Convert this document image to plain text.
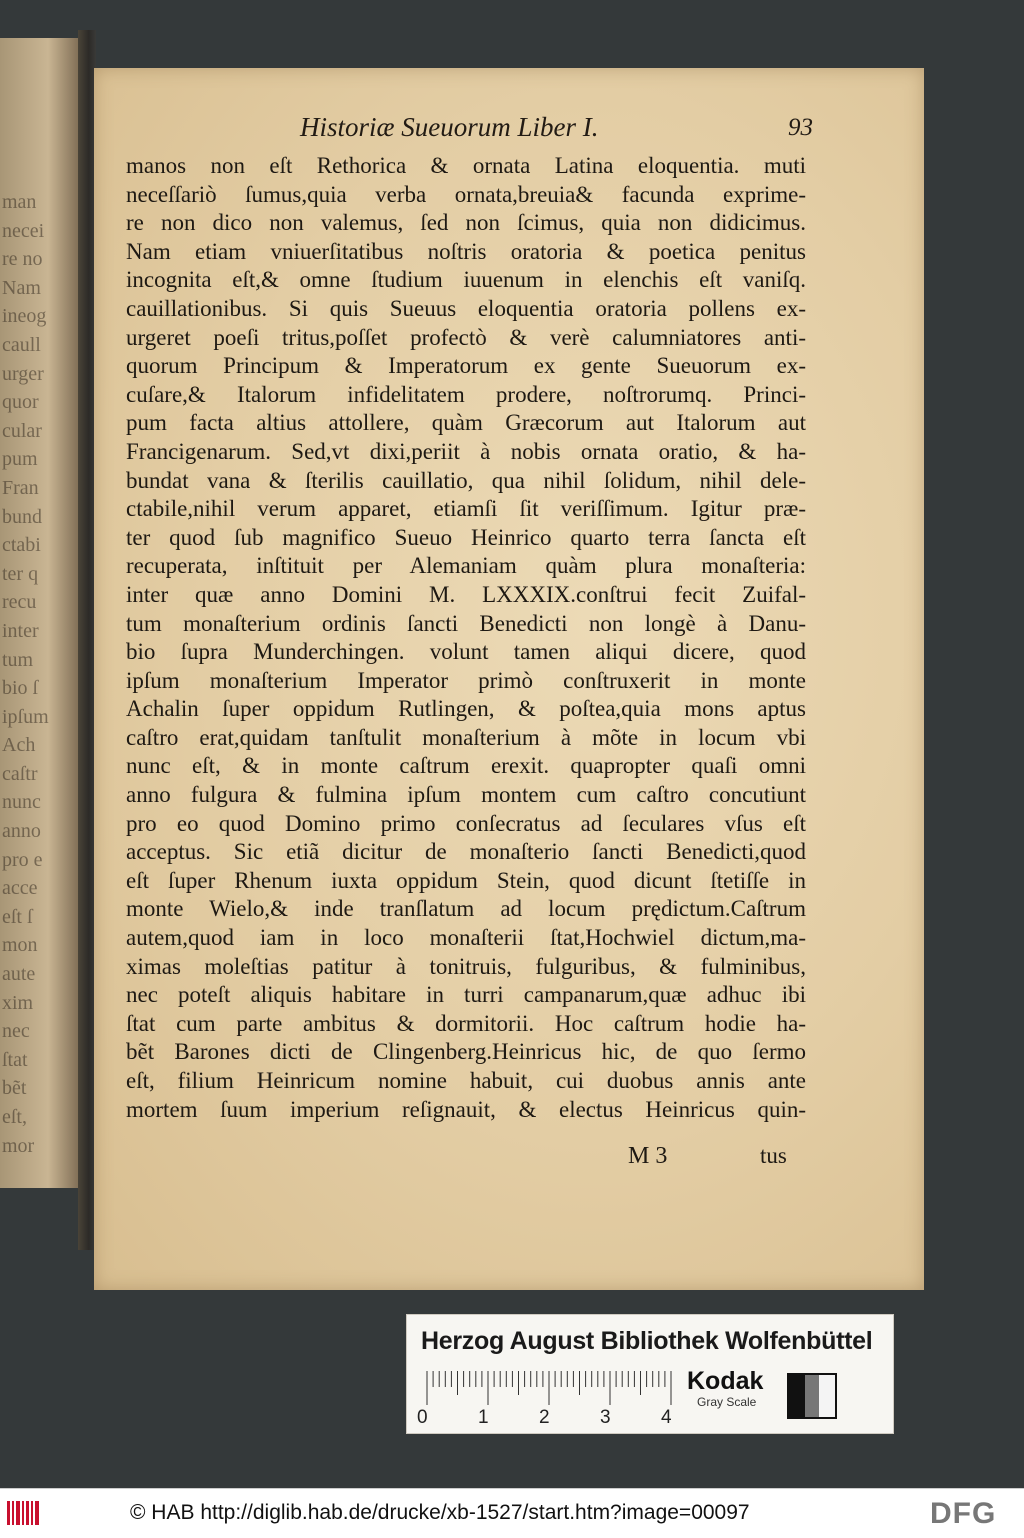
man
necei
re no
Nam
ineog
caull
urger
quor
cular
pum
Fran
bund
ctabi
ter q
recu
inter
tum
bio ſ
ipſum
Ach
caſtr
nunc
anno
pro e
acce
eſt ſ
mon
aute
xim
nec
ſtat
bẽt
eſt,
mor
Historiæ Sueuorum Liber I.	93
manos non eſt Rethorica & ornata Latina eloquentia. muti
neceſſariò ſumus,quia verba ornata,breuia& facunda exprime-
re non dico non valemus, ſed non ſcimus, quia non didicimus.
Nam etiam vniuerſitatibus noſtris oratoria & poetica penitus
incognita eſt,& omne ſtudium iuuenum in elenchis eſt vaniſq.
cauillationibus. Si quis Sueuus eloquentia oratoria pollens ex-
urgeret poeſi tritus,poſſet profectò & verè calumniatores anti-
quorum Principum & Imperatorum ex gente Sueuorum ex-
cuſare,& Italorum infidelitatem prodere, noſtrorumq. Princi-
pum facta altius attollere, quàm Græcorum aut Italorum aut
Francigenarum. Sed,vt dixi,periit à nobis ornata oratio, & ha-
bundat vana & ſterilis cauillatio, qua nihil ſolidum, nihil dele-
ctabile,nihil verum apparet, etiamſi ſit veriſſimum. Igitur præ-
ter quod ſub magnifico Sueuo Heinrico quarto terra ſancta eſt
recuperata, inſtituit per Alemaniam quàm plura monaſteria:
inter quæ anno Domini M. LXXXIX.conſtrui fecit Zuifal-
tum monaſterium ordinis ſancti Benedicti non longè à Danu-
bio ſupra Munderchingen. volunt tamen aliqui dicere, quod
ipſum monaſterium Imperator primò conſtruxerit in monte
Achalin ſuper oppidum Rutlingen, & poſtea,quia mons aptus
caſtro erat,quidam tanſtulit monaſterium à mõte in locum vbi
nunc eſt, & in monte caſtrum erexit. quapropter quaſi omni
anno fulgura & fulmina ipſum montem cum caſtro concutiunt
pro eo quod Domino primo conſecratus ad ſeculares vſus eſt
acceptus. Sic etiã dicitur de monaſterio ſancti Benedicti,quod
eſt ſuper Rhenum iuxta oppidum Stein, quod dicunt ſtetiſſe in
monte Wielo,& inde tranſlatum ad locum prędictum.Caſtrum
autem,quod iam in loco monaſterii ſtat,Hochwiel dictum,ma-
ximas moleſtias patitur à tonitruis, fulguribus, & fulminibus,
nec poteſt aliquis habitare in turri campanarum,quæ adhuc ibi
ſtat cum parte ambitus & dormitorii. Hoc caſtrum hodie ha-
bẽt Barones dicti de Clingenberg.Heinricus hic, de quo ſermo
eſt, filium Heinricum nomine habuit, cui duobus annis ante
mortem ſuum imperium reſignauit, & electus Heinricus quin-
M 3	tus
Herzog August Bibliothek Wolfenbüttel
0	1	2	3	4
Kodak
Gray Scale
© HAB http://diglib.hab.de/drucke/xb-1527/start.htm?image=00097	DFG
